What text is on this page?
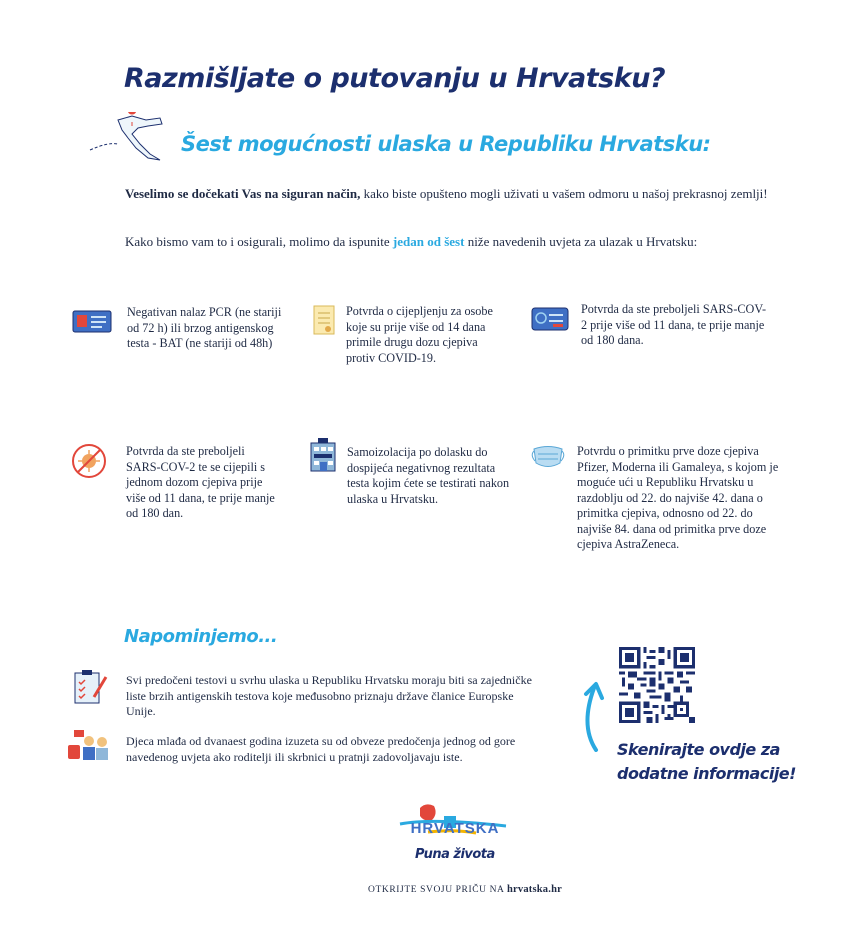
Razmišljate o putovanju u Hrvatsku?
Šest mogućnosti ulaska u Republiku Hrvatsku:
Veselimo se dočekati Vas na siguran način, kako biste opušteno mogli uživati u vašem odmoru u našoj prekrasnoj zemlji!
Kako bismo vam to i osigurali, molimo da ispunite jedan od šest niže navedenih uvjeta za ulazak u Hrvatsku:
Negativan nalaz PCR (ne stariji od 72 h) ili brzog antigenskog testa - BAT (ne stariji od 48h)
Potvrda o cijepljenju za osobe koje su prije više od 14 dana primile drugu dozu cjepiva protiv COVID-19.
Potvrda da ste preboljeli SARS-COV-2 prije više od 11 dana, te prije manje od 180 dana.
Potvrda da ste preboljeli SARS-COV-2 te se cijepili s jednom dozom cjepiva prije više od 11 dana, te prije manje od 180 dan.
Samoizolacija po dolasku do dospijeća negativnog rezultata testa kojim ćete se testirati nakon ulaska u Hrvatsku.
Potvrdu o primitku prve doze cjepiva Pfizer, Moderna ili Gamaleya, s kojom je moguće ući u Republiku Hrvatsku u razdoblju od 22. do najviše 42. dana o primitka cjepiva, odnosno od 22. do najviše 84. dana od primitka prve doze cjepiva AstraZeneca.
Napominjemo...
Svi predočeni testovi u svrhu ulaska u Republiku Hrvatsku moraju biti sa zajedničke liste brzih antigenskih testova koje međusobno priznaju države članice Europske Unije.
Djeca mlađa od dvanaest godina izuzeta su od obveze predočenja jednog od gore navedenog uvjeta ako roditelji ili skrbnici u pratnji zadovoljavaju iste.	Skenirajte ovdje za
dodatne informacije!
HRVATSKA
Puna života
OTKRIJTE SVOJU PRIČU NA hrvatska.hr
